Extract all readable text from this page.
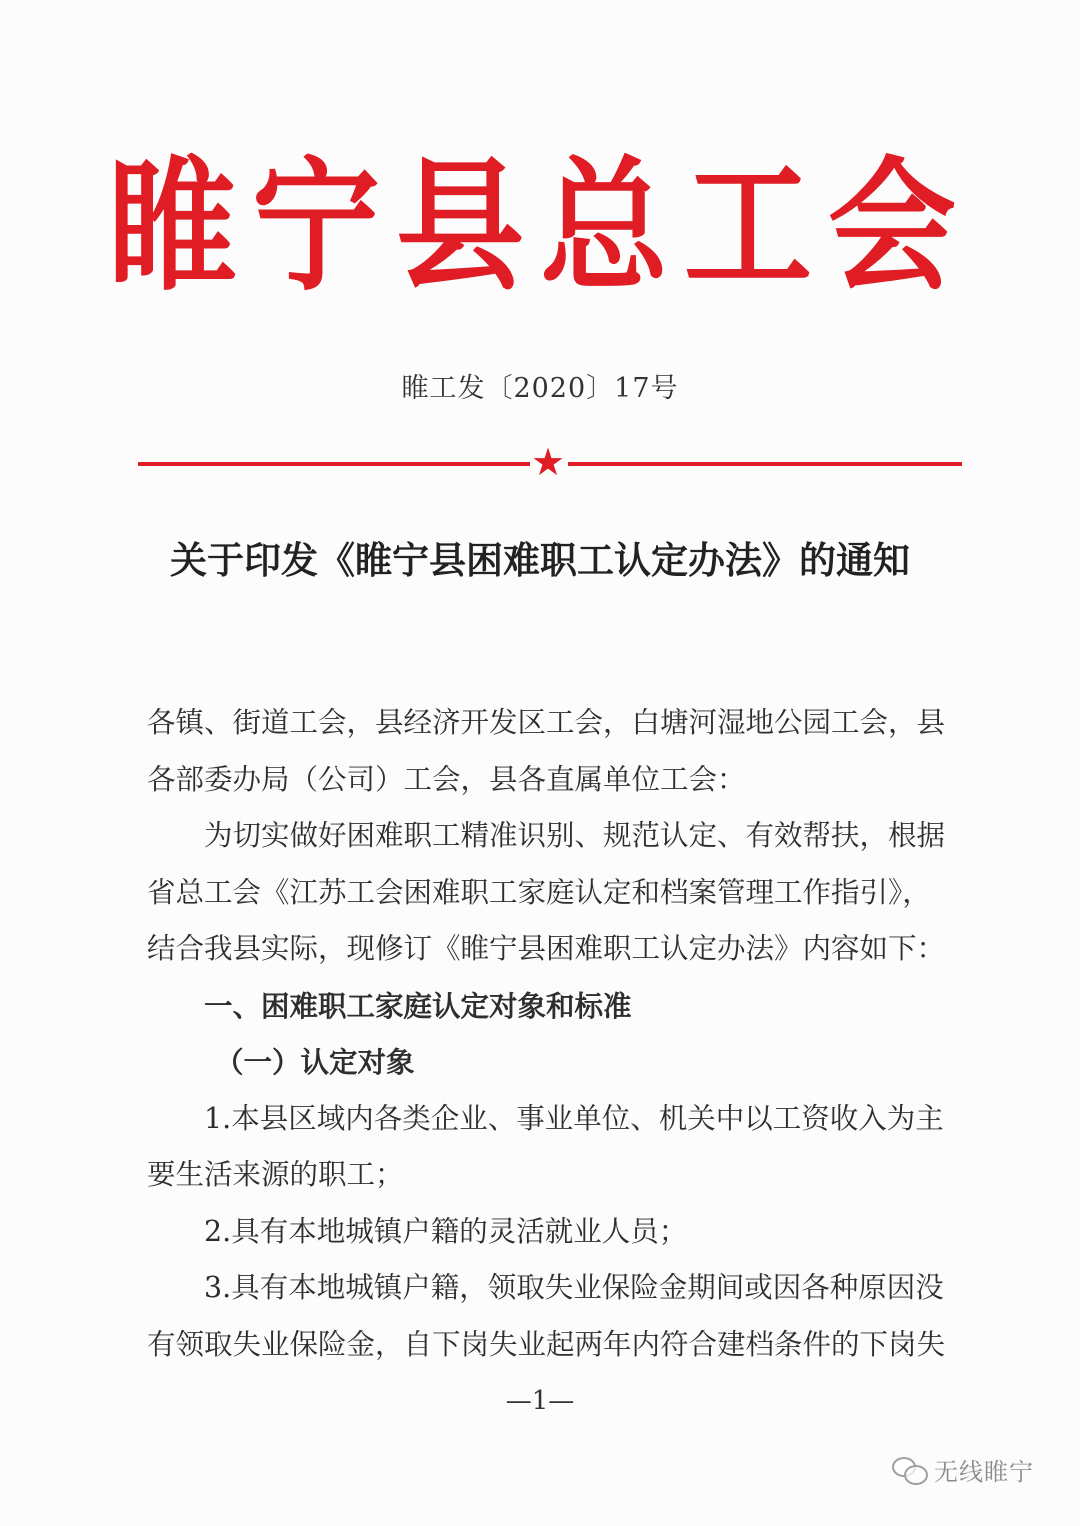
睢宁县总工会
睢工发〔2020〕17号
★
关于印发《睢宁县困难职工认定办法》的通知

各镇、街道工会，县经济开发区工会，白塘河湿地公园工会，县

各部委办局（公司）工会，县各直属单位工会：

为切实做好困难职工精准识别、规范认定、有效帮扶，根据

省总工会《江苏工会困难职工家庭认定和档案管理工作指引》，

结合我县实际，现修订《睢宁县困难职工认定办法》内容如下：

一、困难职工家庭认定对象和标准

（一）认定对象

1.本县区域内各类企业、事业单位、机关中以工资收入为主

要生活来源的职工；

2.具有本地城镇户籍的灵活就业人员；

3.具有本地城镇户籍，领取失业保险金期间或因各种原因没

有领取失业保险金，自下岗失业起两年内符合建档条件的下岗失

—1—
无线睢宁
